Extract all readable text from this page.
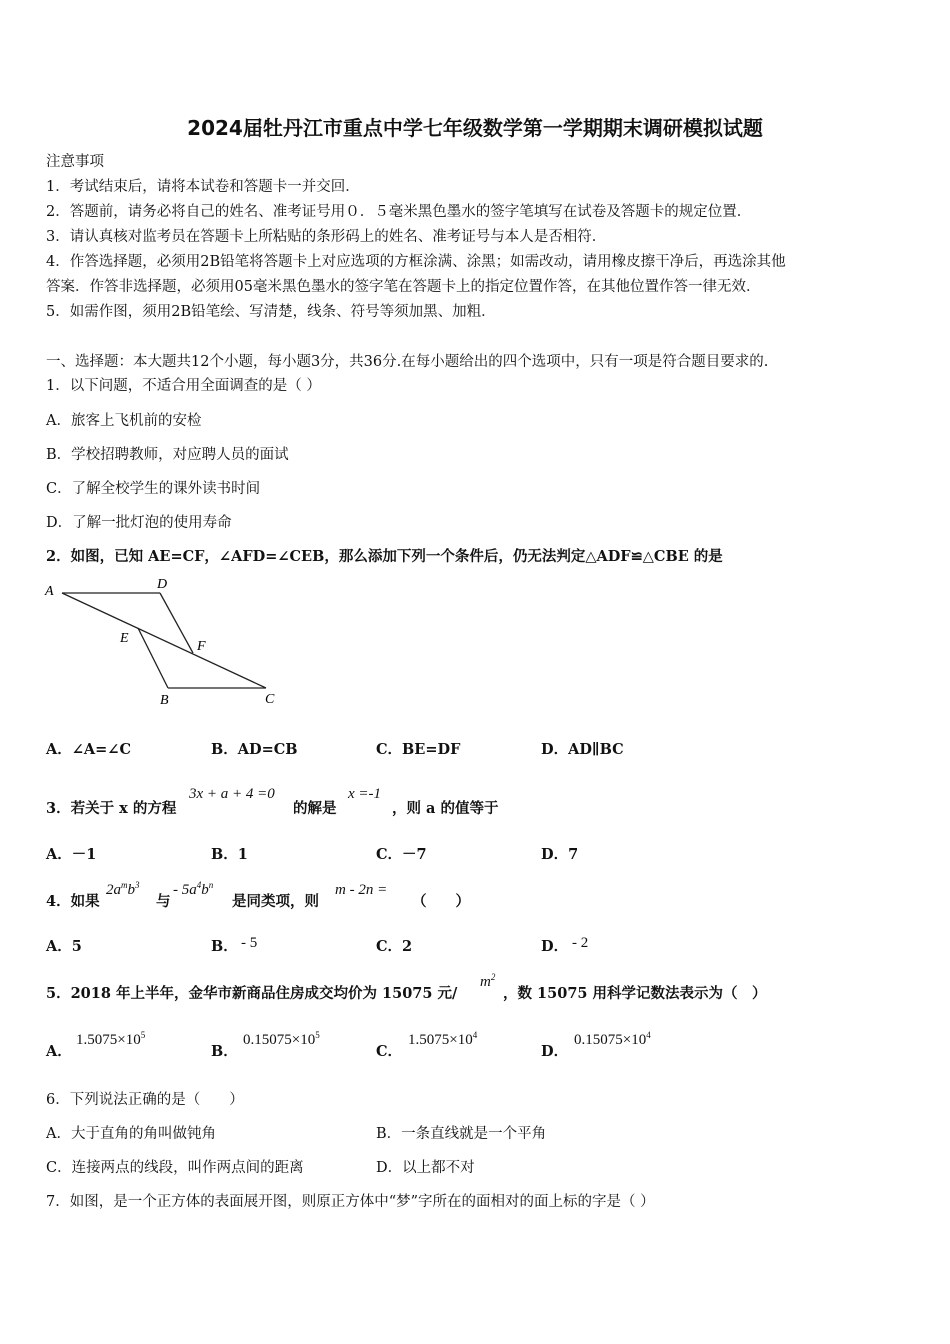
2024届牡丹江市重点中学七年级数学第一学期期末调研模拟试题
注意事项
1．考试结束后，请将本试卷和答题卡一并交回．
2．答题前，请务必将自己的姓名、准考证号用０．５毫米黑色墨水的签字笔填写在试卷及答题卡的规定位置．
3．请认真核对监考员在答题卡上所粘贴的条形码上的姓名、准考证号与本人是否相符．
4．作答选择题，必须用2B铅笔将答题卡上对应选项的方框涂满、涂黑；如需改动，请用橡皮擦干净后，再选涂其他
答案．作答非选择题，必须用05毫米黑色墨水的签字笔在答题卡上的指定位置作答，在其他位置作答一律无效．
5．如需作图，须用2B铅笔绘、写清楚，线条、符号等须加黑、加粗．
一、选择题：本大题共12个小题，每小题3分，共36分.在每小题给出的四个选项中，只有一项是符合题目要求的.
1．以下问题，不适合用全面调查的是（ ）
A．旅客上飞机前的安检
B．学校招聘教师，对应聘人员的面试
C．了解全校学生的课外读书时间
D．了解一批灯泡的使用寿命
2．如图，已知 AE=CF，∠AFD=∠CEB，那么添加下列一个条件后，仍无法判定△ADF≌△CBE 的是
A	D
E
F
B	C
A．∠A=∠C	B．AD=CB	C．BE=DF	D．AD∥BC
3．若关于 x 的方程
3x + a + 4 =0
的解是
x =-1
，则 a 的值等于
A．－1	B．1	C．－7	D．7
4．如果
$2a^mb^3$
与
- $5a^4b^n$
是同类项，则
m - 2n =
（　　）
A．5	B． - 5	C．2	D． - 2
5．2018 年上半年，金华市新商品住房成交均价为 15075 元/
$m^2$
，数 15075 用科学记数法表示为（　）
A．
$1.5075\times 10^5$
B．
$0.15075\times 10^5$
C．
$1.5075\times 10^4$
D．
$0.15075\times 10^4$
6．下列说法正确的是（　　）
A．大于直角的角叫做钝角	B．一条直线就是一个平角
C．连接两点的线段，叫作两点间的距离	D．以上都不对
7．如图，是一个正方体的表面展开图，则原正方体中“梦”字所在的面相对的面上标的字是（ ）
